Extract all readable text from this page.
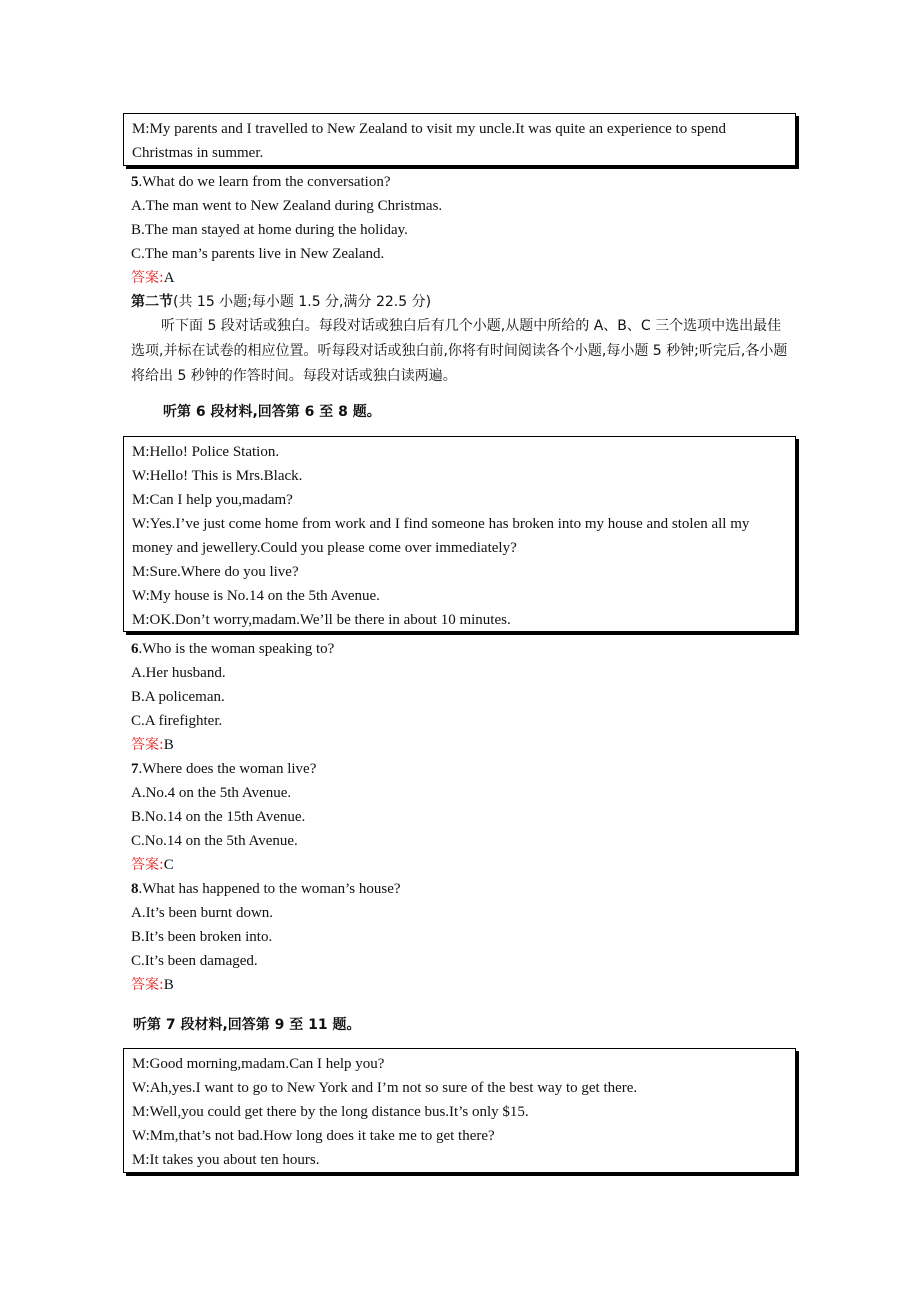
M:My parents and I travelled to New Zealand to visit my uncle.It was quite an experience to spend Christmas in summer.
5.What do we learn from the conversation?
A.The man went to New Zealand during Christmas.
B.The man stayed at home during the holiday.
C.The man’s parents live in New Zealand.
答案:A
第二节(共 15 小题;每小题 1.5 分,满分 22.5 分)
听下面 5 段对话或独白。每段对话或独白后有几个小题,从题中所给的 A、B、C 三个选项中选出最佳选项,并标在试卷的相应位置。听每段对话或独白前,你将有时间阅读各个小题,每小题 5 秒钟;听完后,各小题将给出 5 秒钟的作答时间。每段对话或独白读两遍。
听第 6 段材料,回答第 6 至 8 题。
M:Hello! Police Station.
W:Hello! This is Mrs.Black.
M:Can I help you,madam?
W:Yes.I’ve just come home from work and I find someone has broken into my house and stolen all my money and jewellery.Could you please come over immediately?
M:Sure.Where do you live?
W:My house is No.14 on the 5th Avenue.
M:OK.Don’t worry,madam.We’ll be there in about 10 minutes.
6.Who is the woman speaking to?
A.Her husband.
B.A policeman.
C.A firefighter.
答案:B
7.Where does the woman live?
A.No.4 on the 5th Avenue.
B.No.14 on the 15th Avenue.
C.No.14 on the 5th Avenue.
答案:C
8.What has happened to the woman’s house?
A.It’s been burnt down.
B.It’s been broken into.
C.It’s been damaged.
答案:B
听第 7 段材料,回答第 9 至 11 题。
M:Good morning,madam.Can I help you?
W:Ah,yes.I want to go to New York and I’m not so sure of the best way to get there.
M:Well,you could get there by the long distance bus.It’s only $15.
W:Mm,that’s not bad.How long does it take me to get there?
M:It takes you about ten hours.
